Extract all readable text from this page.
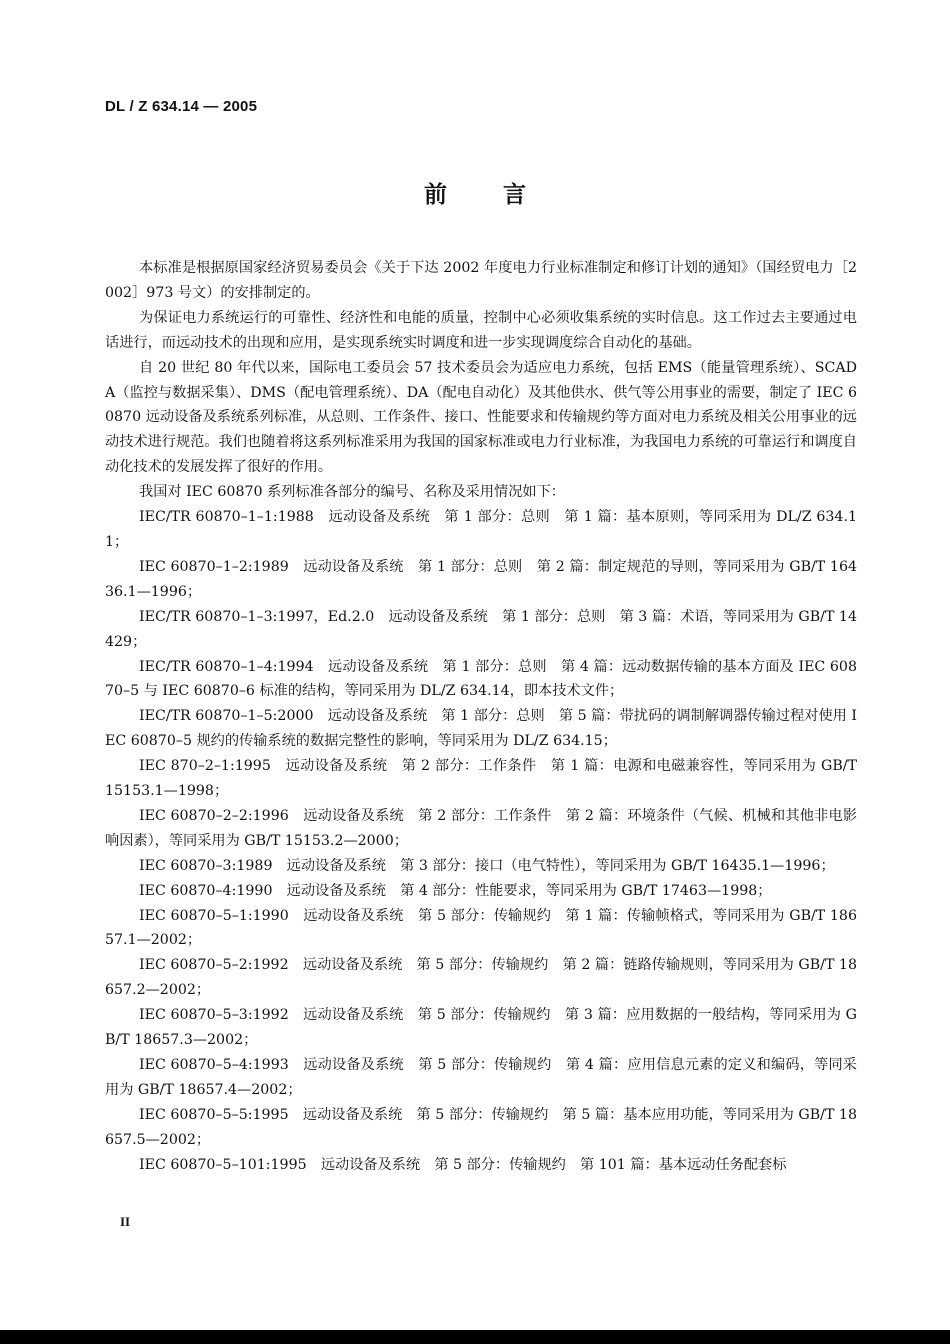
DL / Z 634.14 — 2005
前言

本标准是根据原国家经济贸易委员会《关于下达 2002 年度电力行业标准制定和修订计划的通知》（国经贸电力［2002］973 号文）的安排制定的。

为保证电力系统运行的可靠性、经济性和电能的质量，控制中心必须收集系统的实时信息。这工作过去主要通过电话进行，而远动技术的出现和应用，是实现系统实时调度和进一步实现调度综合自动化的基础。

自 20 世纪 80 年代以来，国际电工委员会 57 技术委员会为适应电力系统，包括 EMS（能量管理系统）、SCADA（监控与数据采集）、DMS（配电管理系统）、DA（配电自动化）及其他供水、供气等公用事业的需要，制定了 IEC 60870 远动设备及系统系列标准，从总则、工作条件、接口、性能要求和传输规约等方面对电力系统及相关公用事业的远动技术进行规范。我们也随着将这系列标准采用为我国的国家标准或电力行业标准，为我国电力系统的可靠运行和调度自动化技术的发展发挥了很好的作用。

我国对 IEC 60870 系列标准各部分的编号、名称及采用情况如下：

IEC/TR 60870–1–1:1988　远动设备及系统　第 1 部分：总则　第 1 篇：基本原则，等同采用为 DL/Z 634.11；

IEC 60870–1–2:1989　远动设备及系统　第 1 部分：总则　第 2 篇：制定规范的导则，等同采用为 GB/T 16436.1—1996；

IEC/TR 60870–1–3:1997，Ed.2.0　远动设备及系统　第 1 部分：总则　第 3 篇：术语，等同采用为 GB/T 14429；

IEC/TR 60870–1–4:1994　远动设备及系统　第 1 部分：总则　第 4 篇：远动数据传输的基本方面及 IEC 60870–5 与 IEC 60870–6 标准的结构，等同采用为 DL/Z 634.14，即本技术文件；

IEC/TR 60870–1–5:2000　远动设备及系统　第 1 部分：总则　第 5 篇：带扰码的调制解调器传输过程对使用 IEC 60870–5 规约的传输系统的数据完整性的影响，等同采用为 DL/Z 634.15；

IEC 870–2–1:1995　远动设备及系统　第 2 部分：工作条件　第 1 篇：电源和电磁兼容性，等同采用为 GB/T 15153.1—1998；

IEC 60870–2–2:1996　远动设备及系统　第 2 部分：工作条件　第 2 篇：环境条件（气候、机械和其他非电影响因素），等同采用为 GB/T 15153.2—2000；

IEC 60870–3:1989　远动设备及系统　第 3 部分：接口（电气特性），等同采用为 GB/T 16435.1—1996；

IEC 60870–4:1990　远动设备及系统　第 4 部分：性能要求，等同采用为 GB/T 17463—1998；

IEC 60870–5–1:1990　远动设备及系统　第 5 部分：传输规约　第 1 篇：传输帧格式，等同采用为 GB/T 18657.1—2002；

IEC 60870–5–2:1992　远动设备及系统　第 5 部分：传输规约　第 2 篇：链路传输规则，等同采用为 GB/T 18657.2—2002；

IEC 60870–5–3:1992　远动设备及系统　第 5 部分：传输规约　第 3 篇：应用数据的一般结构，等同采用为 GB/T 18657.3—2002；

IEC 60870–5–4:1993　远动设备及系统　第 5 部分：传输规约　第 4 篇：应用信息元素的定义和编码，等同采用为 GB/T 18657.4—2002；

IEC 60870–5–5:1995　远动设备及系统　第 5 部分：传输规约　第 5 篇：基本应用功能，等同采用为 GB/T 18657.5—2002；

IEC 60870–5–101:1995　远动设备及系统　第 5 部分：传输规约　第 101 篇：基本远动任务配套标

II
